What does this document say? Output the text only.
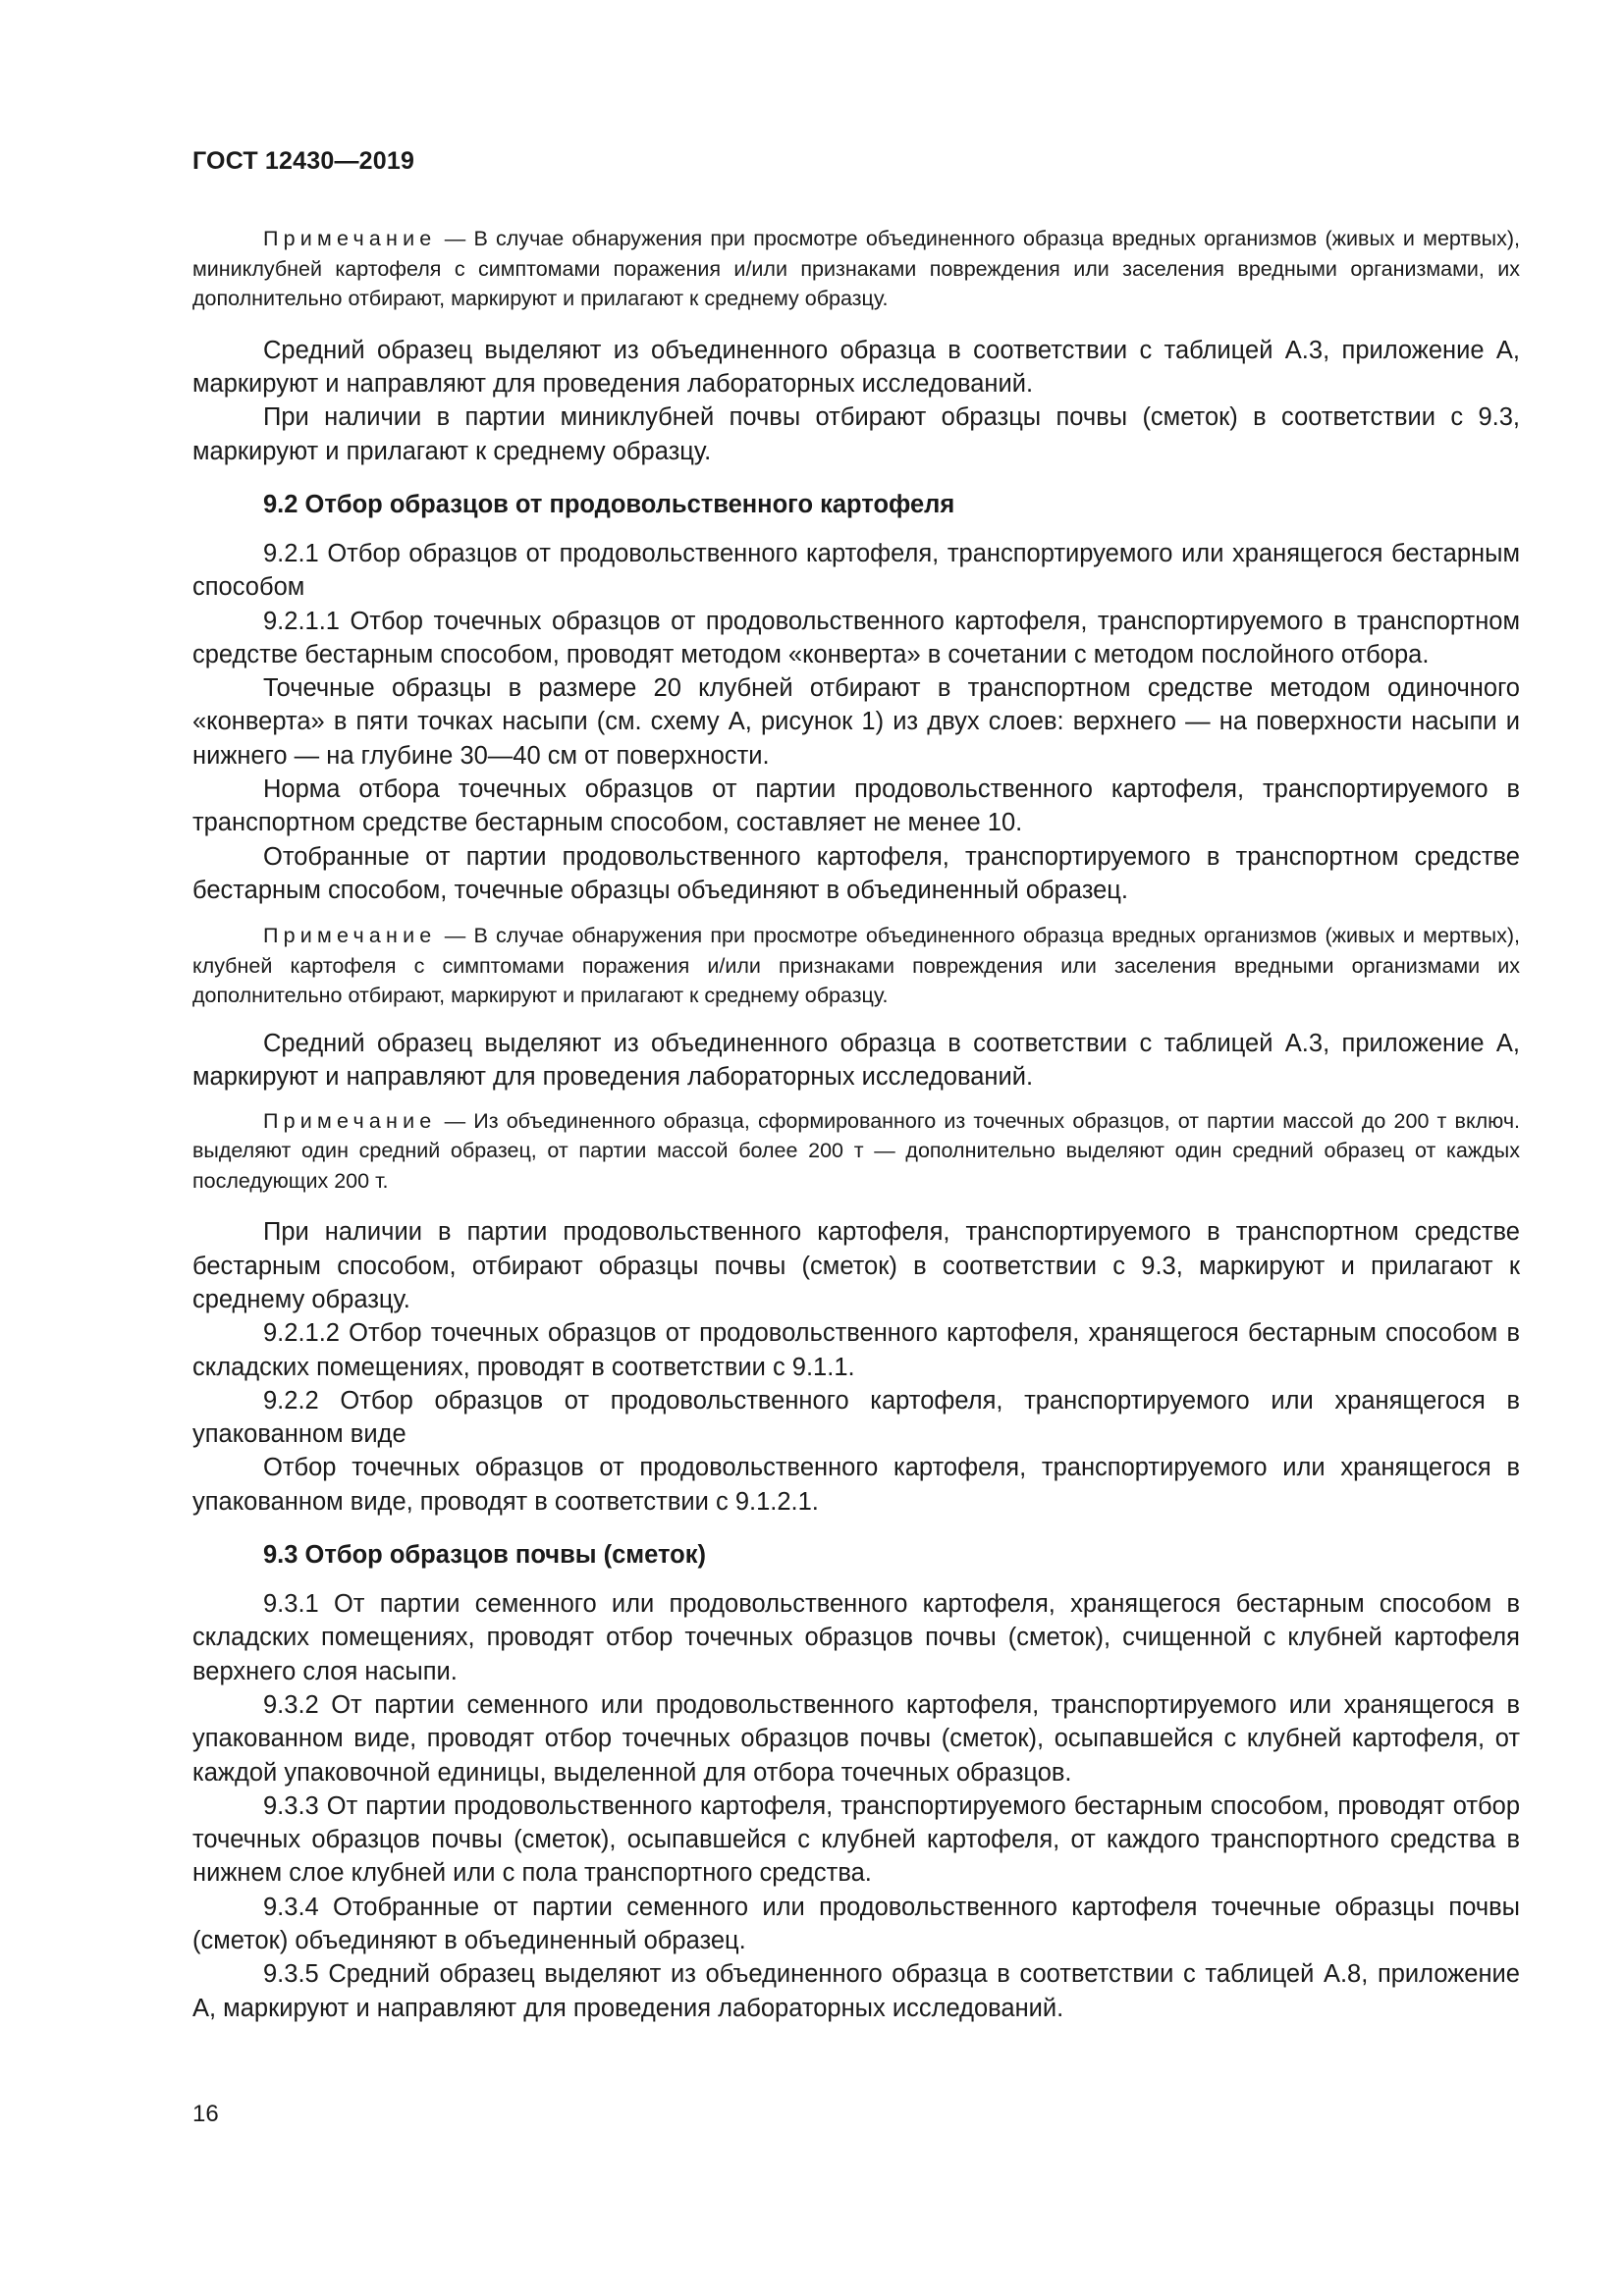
ГОСТ 12430—2019

Примечание — В случае обнаружения при просмотре объединенного образца вредных организмов (живых и мертвых), миниклубней картофеля с симптомами поражения и/или признаками повреждения или заселения вредными организмами, их дополнительно отбирают, маркируют и прилагают к среднему образцу.

Средний образец выделяют из объединенного образца в соответствии с таблицей А.3, приложение А, маркируют и направляют для проведения лабораторных исследований.

При наличии в партии миниклубней почвы отбирают образцы почвы (сметок) в соответствии с 9.3, маркируют и прилагают к среднему образцу.

9.2 Отбор образцов от продовольственного картофеля

9.2.1 Отбор образцов от продовольственного картофеля, транспортируемого или хранящегося бестарным способом

9.2.1.1 Отбор точечных образцов от продовольственного картофеля, транспортируемого в транспортном средстве бестарным способом, проводят методом «конверта» в сочетании с методом послойного отбора.

Точечные образцы в размере 20 клубней отбирают в транспортном средстве методом одиночного «конверта» в пяти точках насыпи (см. схему А, рисунок 1) из двух слоев: верхнего — на поверхности насыпи и нижнего — на глубине 30—40 см от поверхности.

Норма отбора точечных образцов от партии продовольственного картофеля, транспортируемого в транспортном средстве бестарным способом, составляет не менее 10.

Отобранные от партии продовольственного картофеля, транспортируемого в транспортном средстве бестарным способом, точечные образцы объединяют в объединенный образец.

Примечание — В случае обнаружения при просмотре объединенного образца вредных организмов (живых и мертвых), клубней картофеля с симптомами поражения и/или признаками повреждения или заселения вредными организмами их дополнительно отбирают, маркируют и прилагают к среднему образцу.

Средний образец выделяют из объединенного образца в соответствии с таблицей А.3, приложение А, маркируют и направляют для проведения лабораторных исследований.

Примечание — Из объединенного образца, сформированного из точечных образцов, от партии массой до 200 т включ. выделяют один средний образец, от партии массой более 200 т — дополнительно выделяют один средний образец от каждых последующих 200 т.

При наличии в партии продовольственного картофеля, транспортируемого в транспортном средстве бестарным способом, отбирают образцы почвы (сметок) в соответствии с 9.3, маркируют и прилагают к среднему образцу.

9.2.1.2 Отбор точечных образцов от продовольственного картофеля, хранящегося бестарным способом в складских помещениях, проводят в соответствии с 9.1.1.

9.2.2 Отбор образцов от продовольственного картофеля, транспортируемого или хранящегося в упакованном виде

Отбор точечных образцов от продовольственного картофеля, транспортируемого или хранящегося в упакованном виде, проводят в соответствии с 9.1.2.1.

9.3 Отбор образцов почвы (сметок)

9.3.1 От партии семенного или продовольственного картофеля, хранящегося бестарным способом в складских помещениях, проводят отбор точечных образцов почвы (сметок), счищенной с клубней картофеля верхнего слоя насыпи.

9.3.2 От партии семенного или продовольственного картофеля, транспортируемого или хранящегося в упакованном виде, проводят отбор точечных образцов почвы (сметок), осыпавшейся с клубней картофеля, от каждой упаковочной единицы, выделенной для отбора точечных образцов.

9.3.3 От партии продовольственного картофеля, транспортируемого бестарным способом, проводят отбор точечных образцов почвы (сметок), осыпавшейся с клубней картофеля, от каждого транспортного средства в нижнем слое клубней или с пола транспортного средства.

9.3.4 Отобранные от партии семенного или продовольственного картофеля точечные образцы почвы (сметок) объединяют в объединенный образец.

9.3.5 Средний образец выделяют из объединенного образца в соответствии с таблицей А.8, приложение А, маркируют и направляют для проведения лабораторных исследований.

16
